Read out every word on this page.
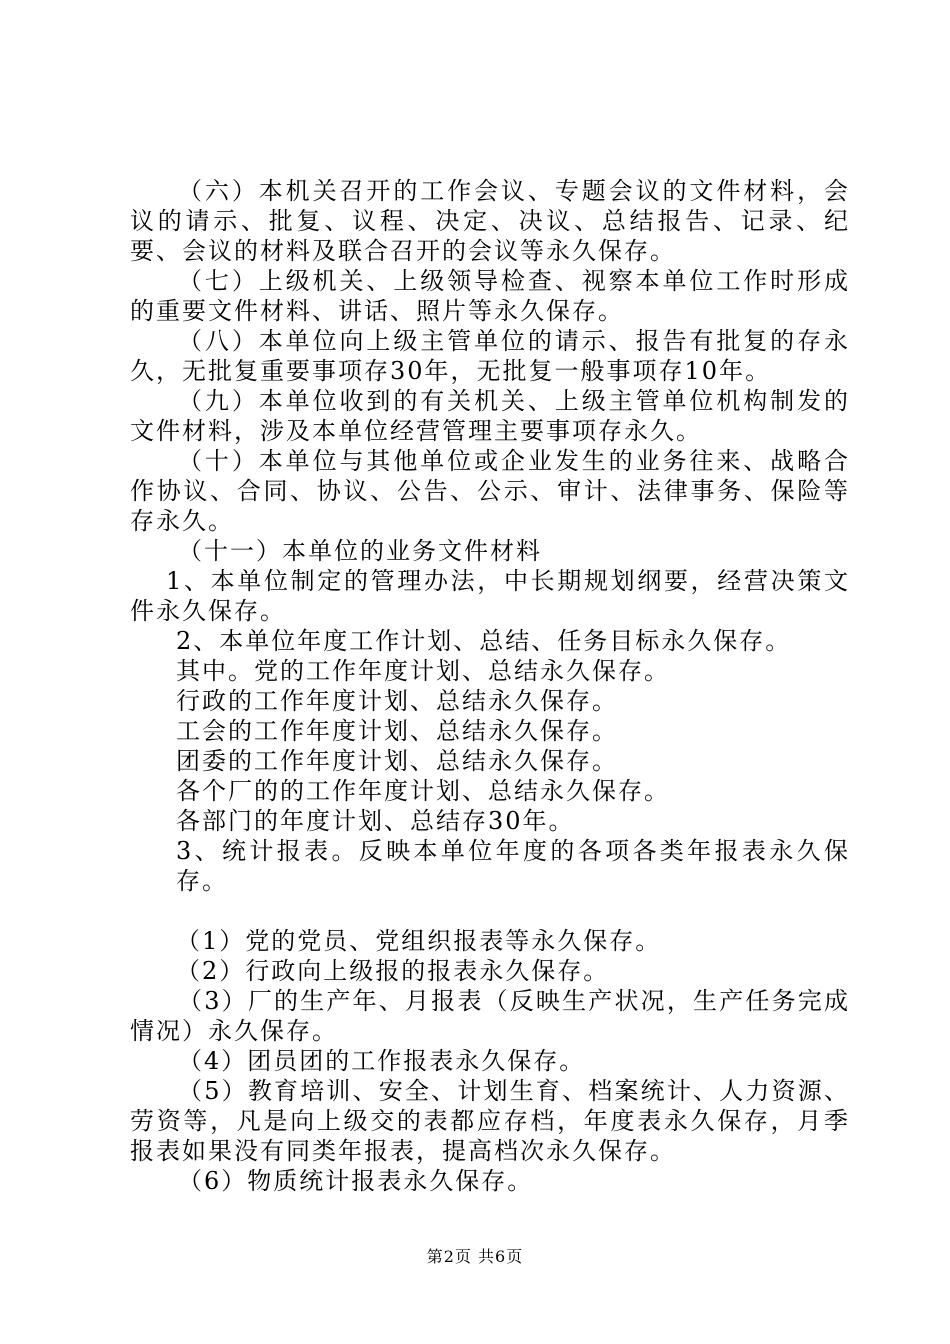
（六）本机关召开的工作会议、专题会议的文件材料，会议的请示、批复、议程、决定、决议、总结报告、记录、纪要、会议的材料及联合召开的会议等永久保存。

（七）上级机关、上级领导检查、视察本单位工作时形成的重要文件材料、讲话、照片等永久保存。

（八）本单位向上级主管单位的请示、报告有批复的存永久，无批复重要事项存30年，无批复一般事项存10年。

（九）本单位收到的有关机关、上级主管单位机构制发的文件材料，涉及本单位经营管理主要事项存永久。

（十）本单位与其他单位或企业发生的业务往来、战略合作协议、合同、协议、公告、公示、审计、法律事务、保险等存永久。

（十一）本单位的业务文件材料

1、本单位制定的管理办法，中长期规划纲要，经营决策文件永久保存。

2、本单位年度工作计划、总结、任务目标永久保存。

其中。党的工作年度计划、总结永久保存。

行政的工作年度计划、总结永久保存。

工会的工作年度计划、总结永久保存。

团委的工作年度计划、总结永久保存。

各个厂的的工作年度计划、总结永久保存。

各部门的年度计划、总结存30年。

3、统计报表。反映本单位年度的各项各类年报表永久保存。

（1）党的党员、党组织报表等永久保存。

（2）行政向上级报的报表永久保存。

（3）厂的生产年、月报表（反映生产状况，生产任务完成情况）永久保存。

（4）团员团的工作报表永久保存。

（5）教育培训、安全、计划生育、档案统计、人力资源、劳资等，凡是向上级交的表都应存档，年度表永久保存，月季报表如果没有同类年报表，提高档次永久保存。

（6）物质统计报表永久保存。

第2页 共6页
